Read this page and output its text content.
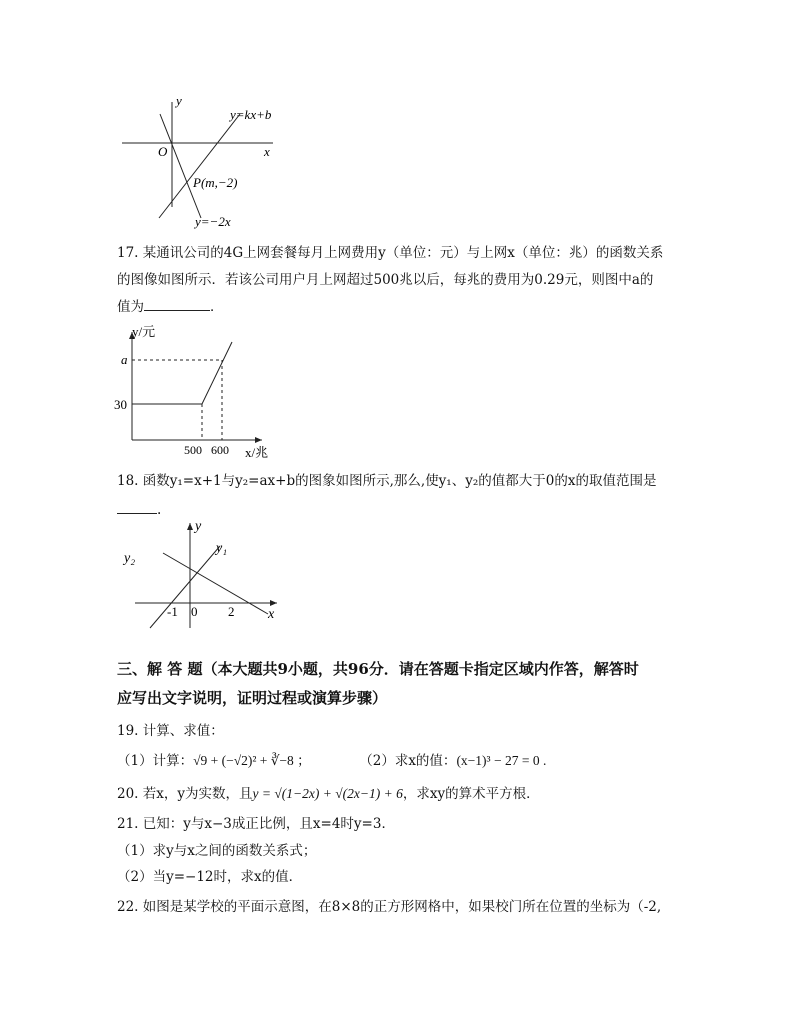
y
x
O
y=kx+b
P(m,−2)
y=−2x
17. 某通讯公司的4G上网套餐每月上网费用y（单位：元）与上网x（单位：兆）的函数关系
的图像如图所示．若该公司用户月上网超过500兆以后，每兆的费用为0.29元，则图中a的
值为	．
y/元
x/兆
a
30
500 600
18. 函数y₁=x+1与y₂=ax+b的图象如图所示,那么,使y₁、y₂的值都大于0的x的取值范围是
.
y
x
y₁
y₂
-1 0 2
三、解 答 题（本大题共9小题，共96分．请在答题卡指定区域内作答，解答时
应写出文字说明，证明过程或演算步骤）
19. 计算、求值：
（1）计算：√9 + (−√2)² + ∛−8 ；	（2）求x的值：(x−1)³ − 27 = 0 .
20. 若x，y为实数，且y = √(1−2x) + √(2x−1) + 6，求xy的算术平方根．
21. 已知：y与x−3成正比例，且x=4时y=3．
（1）求y与x之间的函数关系式；
（2）当y=−12时，求x的值．
22. 如图是某学校的平面示意图，在8×8的正方形网格中，如果校门所在位置的坐标为（-2,
